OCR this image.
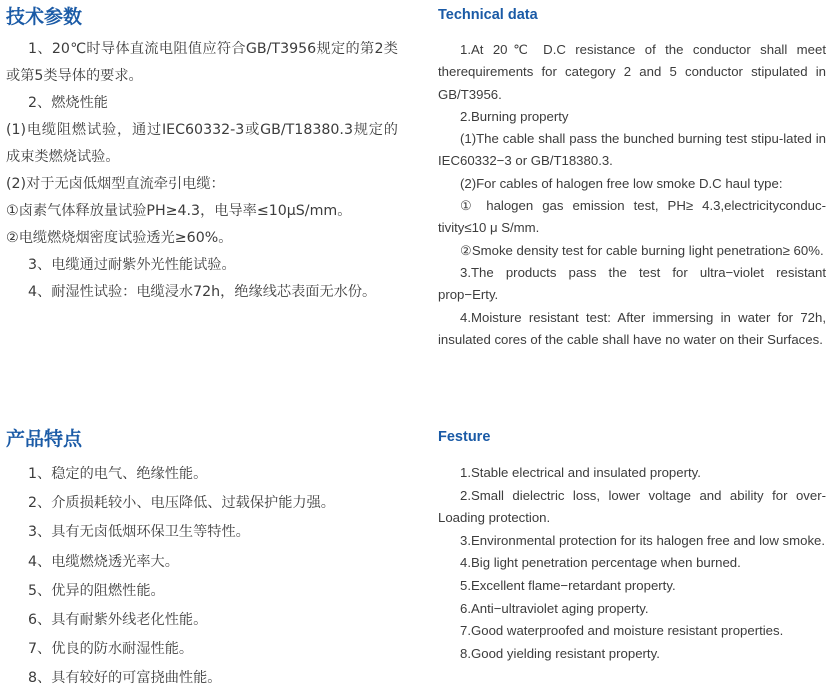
技术参数

1、20℃时导体直流电阻值应符合GB/T3956规定的第2类或第5类导体的要求。

2、燃烧性能

(1)电缆阻燃试验，通过IEC60332-3或GB/T18380.3规定的成束类燃烧试验。

(2)对于无卤低烟型直流牵引电缆：

①卤素气体释放量试验PH≥4.3，电导率≤10μS/mm。

②电缆燃烧烟密度试验透光≥60%。

3、电缆通过耐紫外光性能试验。

4、耐湿性试验：电缆浸水72h，绝缘线芯表面无水份。

产品特点

1、稳定的电气、绝缘性能。

2、介质损耗较小、电压降低、过载保护能力强。

3、具有无卤低烟环保卫生等特性。

4、电缆燃烧透光率大。

5、优异的阻燃性能。

6、具有耐紫外线老化性能。

7、优良的防水耐湿性能。

8、具有较好的可富挠曲性能。

Technical data

1.At 20℃ D.C resistance of the conductor shall meet therequirements for category 2 and 5 conductor stipulated in GB/T3956.

2.Burning property

(1)The cable shall pass the bunched burning test stipu-lated in IEC60332−3 or GB/T18380.3.

(2)For cables of halogen free low smoke D.C haul type:

① halogen gas emission test, PH≥ 4.3,electricityconduc-tivity≤10 μ S/mm.

②Smoke density test for cable burning light penetration≥ 60%.

3.The products pass the test for ultra−violet resistant prop−Erty.

4.Moisture resistant test: After immersing in water for 72h, insulated cores of the cable shall have no water on their Surfaces.

Festure

1.Stable electrical and insulated property.

2.Small dielectric loss, lower voltage and ability for over-Loading protection.

3.Environmental protection for its halogen free and low smoke.

4.Big light penetration percentage when burned.

5.Excellent flame−retardant property.

6.Anti−ultraviolet aging property.

7.Good waterproofed and moisture resistant properties.

8.Good yielding resistant property.
